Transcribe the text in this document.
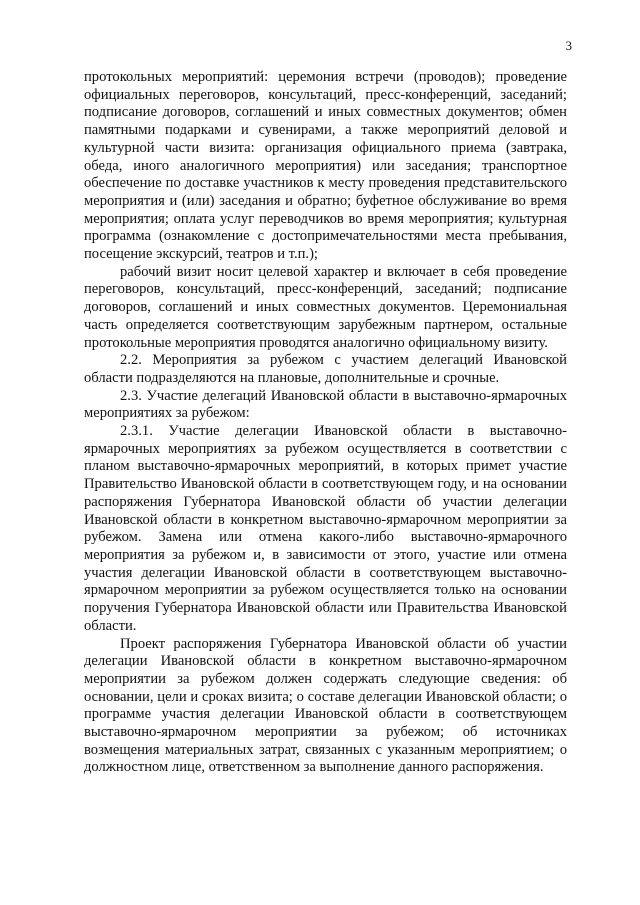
3

протокольных мероприятий: церемония встречи (проводов); проведение официальных переговоров, консультаций, пресс-конференций, заседаний; подписание договоров, соглашений и иных совместных документов; обмен памятными подарками и сувенирами, а также мероприятий деловой и культурной части визита: организация официального приема (завтрака, обеда, иного аналогичного мероприятия) или заседания; транспортное обеспечение по доставке участников к месту проведения представительского мероприятия и (или) заседания и обратно; буфетное обслуживание во время мероприятия; оплата услуг переводчиков во время мероприятия; культурная программа (ознакомление с достопримечательностями места пребывания, посещение экскурсий, театров и т.п.);

рабочий визит носит целевой характер и включает в себя проведение переговоров, консультаций, пресс-конференций, заседаний; подписание договоров, соглашений и иных совместных документов. Церемониальная часть определяется соответствующим зарубежным партнером, остальные протокольные мероприятия проводятся аналогично официальному визиту.

2.2. Мероприятия за рубежом с участием делегаций Ивановской области подразделяются на плановые, дополнительные и срочные.

2.3. Участие делегаций Ивановской области в выставочно-ярмарочных мероприятиях за рубежом:

2.3.1. Участие делегации Ивановской области в выставочно-ярмарочных мероприятиях за рубежом осуществляется в соответствии с планом выставочно-ярмарочных мероприятий, в которых примет участие Правительство Ивановской области в соответствующем году, и на основании распоряжения Губернатора Ивановской области об участии делегации Ивановской области в конкретном выставочно-ярмарочном мероприятии за рубежом. Замена или отмена какого-либо выставочно-ярмарочного мероприятия за рубежом и, в зависимости от этого, участие или отмена участия делегации Ивановской области в соответствующем выставочно-ярмарочном мероприятии за рубежом осуществляется только на основании поручения Губернатора Ивановской области или Правительства Ивановской области.

Проект распоряжения Губернатора Ивановской области об участии делегации Ивановской области в конкретном выставочно-ярмарочном мероприятии за рубежом должен содержать следующие сведения: об основании, цели и сроках визита; о составе делегации Ивановской области; о программе участия делегации Ивановской области в соответствующем выставочно-ярмарочном мероприятии за рубежом; об источниках возмещения материальных затрат, связанных с указанным мероприятием; о должностном лице, ответственном за выполнение данного распоряжения.
